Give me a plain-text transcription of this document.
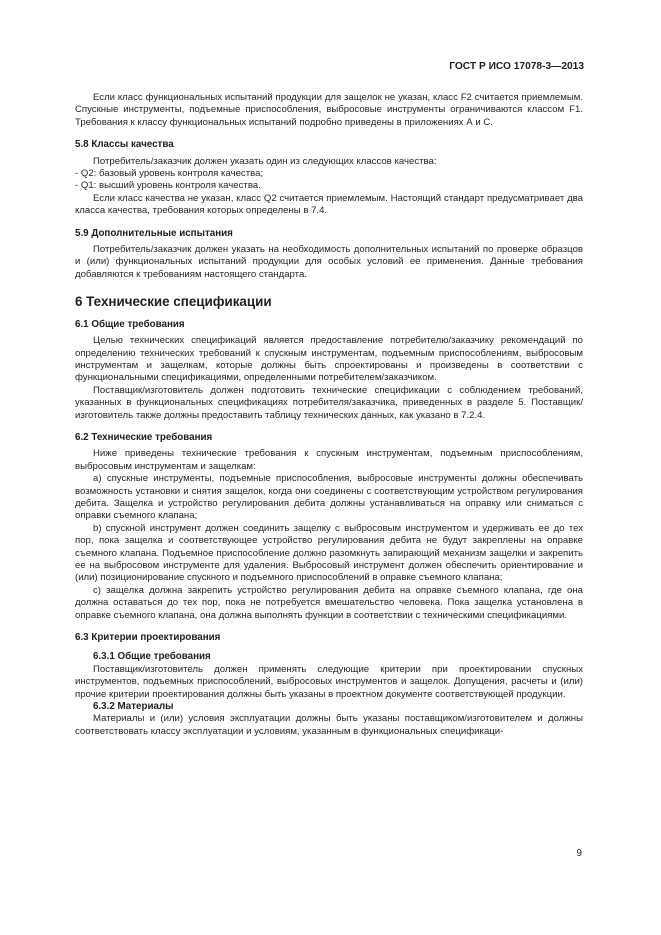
ГОСТ Р ИСО 17078-3—2013

Если класс функциональных испытаний продукции для защелок не указан, класс F2 считается приемлемым. Спускные инструменты, подъемные приспособления, выбросовые инструменты ограничиваются классом F1. Требования к классу функциональных испытаний подробно приведены в приложениях А и С.

5.8 Классы качества

Потребитель/заказчик должен указать один из следующих классов качества:

- Q2: базовый уровень контроля качества;

- Q1: высший уровень контроля качества.

Если класс качества не указан, класс Q2 считается приемлемым. Настоящий стандарт предусматривает два класса качества, требования которых определены в 7.4.

5.9 Дополнительные испытания

Потребитель/заказчик должен указать на необходимость дополнительных испытаний по проверке образцов и (или) функциональных испытаний продукции для особых условий ее применения. Данные требования добавляются к требованиям настоящего стандарта.

6 Технические спецификации
6.1 Общие требования

Целью технических спецификаций является предоставление потребителю/заказчику рекомендаций по определению технических требований к спускным инструментам, подъемным приспособлениям, выбросовым инструментам и защелкам, которые должны быть спроектированы и произведены в соответствии с функциональными спецификациями, определенными потребителем/заказчиком.

Поставщик/изготовитель должен подготовить технические спецификации с соблюдением требований, указанных в функциональных спецификациях потребителя/заказчика, приведенных в разделе 5. Поставщик/изготовитель также должны предоставить таблицу технических данных, как указано в 7.2.4.

6.2 Технические требования

Ниже приведены технические требования к спускным инструментам, подъемным приспособлениям, выбросовым инструментам и защелкам:

а) спускные инструменты, подъемные приспособления, выбросовые инструменты должны обеспечивать возможность установки и снятия защелок, когда они соединены с соответствующим устройством регулирования дебита. Защелка и устройство регулирования дебита должны устанавливаться на оправку или сниматься с оправки съемного клапана;

b) спускной инструмент должен соединить защелку с выбросовым инструментом и удерживать ее до тех пор, пока защелка и соответствующее устройство регулирования дебита не будут закреплены на оправке съемного клапана. Подъемное приспособление должно разомкнуть запирающий механизм защелки и закрепить ее на выбросовом инструменте для удаления. Выбросовый инструмент должен обеспечить ориентирование и (или) позиционирование спускного и подъемного приспособлений в оправке съемного клапана;

с) защелка должна закрепить устройство регулирования дебита на оправке съемного клапана, где она должна оставаться до тех пор, пока не потребуется вмешательство человека. Пока защелка установлена в оправке съемного клапана, она должна выполнять функции в соответствии с техническими спецификациями.

6.3 Критерии проектирования
6.3.1 Общие требования

Поставщик/изготовитель должен применять следующие критерии при проектировании спускных инструментов, подъемных приспособлений, выбросовых инструментов и защелок. Допущения, расчеты и (или) прочие критерии проектирования должны быть указаны в проектном документе соответствующей продукции.

6.3.2 Материалы

Материалы и (или) условия эксплуатации должны быть указаны поставщиком/изготовителем и должны соответствовать классу эксплуатации и условиям, указанным в функциональных спецификаци-

9
